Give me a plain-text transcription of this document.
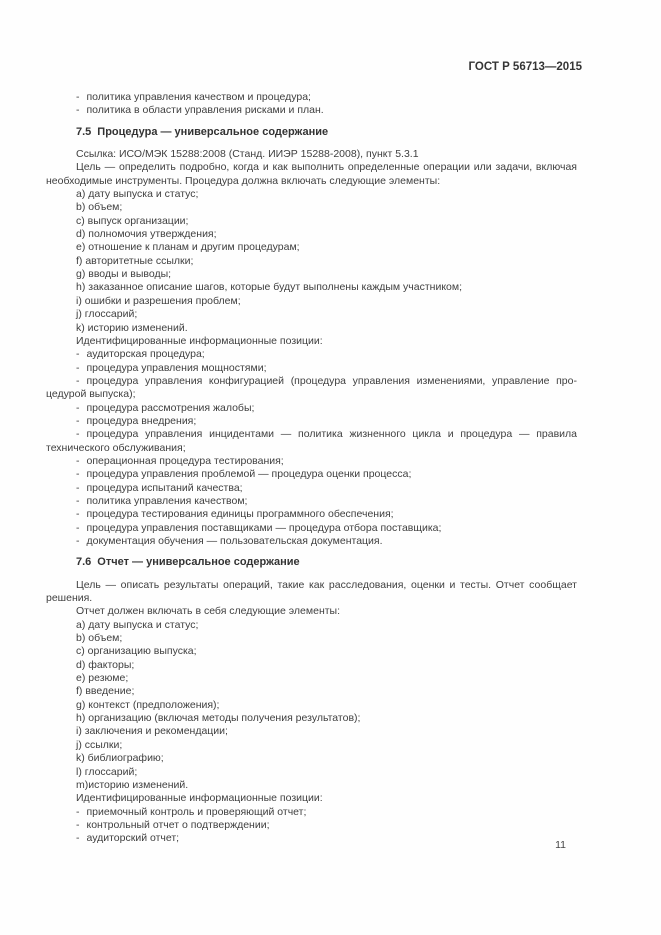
ГОСТ Р 56713—2015

- политика управления качеством и процедура;

- политика в области управления рисками и план.

7.5 Процедура — универсальное содержание

Ссылка: ИСО/МЭК 15288:2008 (Станд. ИИЭР 15288-2008), пункт 5.3.1

Цель — определить подробно, когда и как выполнить определенные операции или задачи, включая необходимые инструменты. Процедура должна включать следующие элементы:

a) дату выпуска и статус;

b) объем;

c) выпуск организации;

d) полномочия утверждения;

e) отношение к планам и другим процедурам;

f) авторитетные ссылки;

g) вводы и выводы;

h) заказанное описание шагов, которые будут выполнены каждым участником;

i) ошибки и разрешения проблем;

j) глоссарий;

k) историю изменений.

Идентифицированные информационные позиции:

- аудиторская процедура;

- процедура управления мощностями;

- процедура управления конфигурацией (процедура управления изменениями, управление процедурой выпуска);

- процедура рассмотрения жалобы;

- процедура внедрения;

- процедура управления инцидентами — политика жизненного цикла и процедура — правила технического обслуживания;

- операционная процедура тестирования;

- процедура управления проблемой — процедура оценки процесса;

- процедура испытаний качества;

- политика управления качеством;

- процедура тестирования единицы программного обеспечения;

- процедура управления поставщиками — процедура отбора поставщика;

- документация обучения — пользовательская документация.

7.6 Отчет — универсальное содержание

Цель — описать результаты операций, такие как расследования, оценки и тесты. Отчет сообщает решения.

Отчет должен включать в себя следующие элементы:

a) дату выпуска и статус;

b) объем;

c) организацию выпуска;

d) факторы;

e) резюме;

f) введение;

g) контекст (предположения);

h) организацию (включая методы получения результатов);

i) заключения и рекомендации;

j) ссылки;

k) библиографию;

l) глоссарий;

m)историю изменений.

Идентифицированные информационные позиции:

- приемочный контроль и проверяющий отчет;

- контрольный отчет о подтверждении;

- аудиторский отчет;

11
